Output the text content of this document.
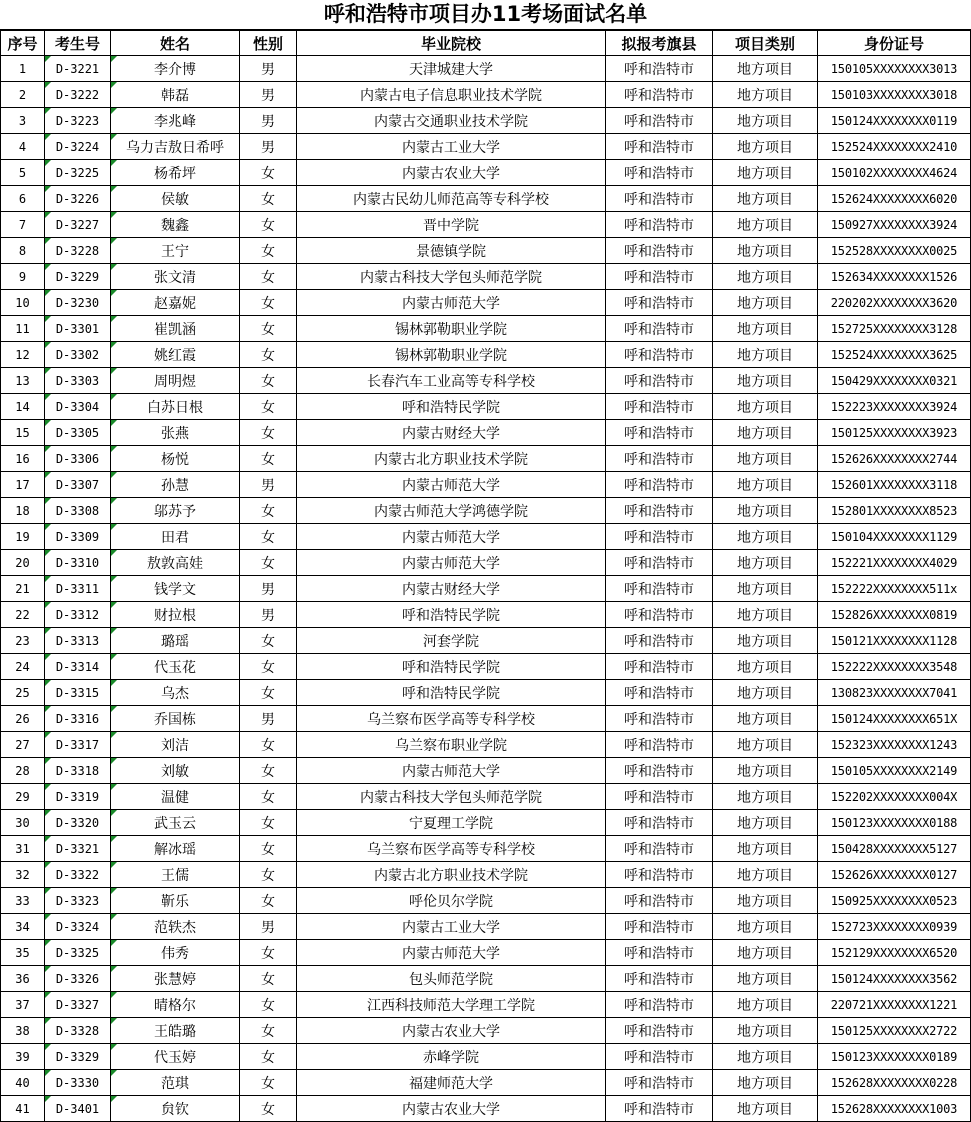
呼和浩特市项目办11考场面试名单
序号	考生号	姓名	性别	毕业院校	拟报考旗县	项目类别	身份证号
1	D-3221	李介博	男	天津城建大学	呼和浩特市	地方项目	150105XXXXXXXX3013
2	D-3222	韩磊	男	内蒙古电子信息职业技术学院	呼和浩特市	地方项目	150103XXXXXXXX3018
3	D-3223	李兆峰	男	内蒙古交通职业技术学院	呼和浩特市	地方项目	150124XXXXXXXX0119
4	D-3224	乌力吉敖日希呼	男	内蒙古工业大学	呼和浩特市	地方项目	152524XXXXXXXX2410
5	D-3225	杨希坪	女	内蒙古农业大学	呼和浩特市	地方项目	150102XXXXXXXX4624
6	D-3226	侯敏	女	内蒙古民幼儿师范高等专科学校	呼和浩特市	地方项目	152624XXXXXXXX6020
7	D-3227	魏鑫	女	晋中学院	呼和浩特市	地方项目	150927XXXXXXXX3924
8	D-3228	王宁	女	景德镇学院	呼和浩特市	地方项目	152528XXXXXXXX0025
9	D-3229	张文清	女	内蒙古科技大学包头师范学院	呼和浩特市	地方项目	152634XXXXXXXX1526
10	D-3230	赵嘉妮	女	内蒙古师范大学	呼和浩特市	地方项目	220202XXXXXXXX3620
11	D-3301	崔凯涵	女	锡林郭勒职业学院	呼和浩特市	地方项目	152725XXXXXXXX3128
12	D-3302	姚红霞	女	锡林郭勒职业学院	呼和浩特市	地方项目	152524XXXXXXXX3625
13	D-3303	周明煜	女	长春汽车工业高等专科学校	呼和浩特市	地方项目	150429XXXXXXXX0321
14	D-3304	白苏日根	女	呼和浩特民学院	呼和浩特市	地方项目	152223XXXXXXXX3924
15	D-3305	张燕	女	内蒙古财经大学	呼和浩特市	地方项目	150125XXXXXXXX3923
16	D-3306	杨悦	女	内蒙古北方职业技术学院	呼和浩特市	地方项目	152626XXXXXXXX2744
17	D-3307	孙慧	男	内蒙古师范大学	呼和浩特市	地方项目	152601XXXXXXXX3118
18	D-3308	邬苏予	女	内蒙古师范大学鸿德学院	呼和浩特市	地方项目	152801XXXXXXXX8523
19	D-3309	田君	女	内蒙古师范大学	呼和浩特市	地方项目	150104XXXXXXXX1129
20	D-3310	敖敦高娃	女	内蒙古师范大学	呼和浩特市	地方项目	152221XXXXXXXX4029
21	D-3311	钱学文	男	内蒙古财经大学	呼和浩特市	地方项目	152222XXXXXXXX511x
22	D-3312	财拉根	男	呼和浩特民学院	呼和浩特市	地方项目	152826XXXXXXXX0819
23	D-3313	璐瑶	女	河套学院	呼和浩特市	地方项目	150121XXXXXXXX1128
24	D-3314	代玉花	女	呼和浩特民学院	呼和浩特市	地方项目	152222XXXXXXXX3548
25	D-3315	乌杰	女	呼和浩特民学院	呼和浩特市	地方项目	130823XXXXXXXX7041
26	D-3316	乔国栋	男	乌兰察布医学高等专科学校	呼和浩特市	地方项目	150124XXXXXXXX651X
27	D-3317	刘洁	女	乌兰察布职业学院	呼和浩特市	地方项目	152323XXXXXXXX1243
28	D-3318	刘敏	女	内蒙古师范大学	呼和浩特市	地方项目	150105XXXXXXXX2149
29	D-3319	温健	女	内蒙古科技大学包头师范学院	呼和浩特市	地方项目	152202XXXXXXXX004X
30	D-3320	武玉云	女	宁夏理工学院	呼和浩特市	地方项目	150123XXXXXXXX0188
31	D-3321	解冰瑶	女	乌兰察布医学高等专科学校	呼和浩特市	地方项目	150428XXXXXXXX5127
32	D-3322	王儒	女	内蒙古北方职业技术学院	呼和浩特市	地方项目	152626XXXXXXXX0127
33	D-3323	靳乐	女	呼伦贝尔学院	呼和浩特市	地方项目	150925XXXXXXXX0523
34	D-3324	范轶杰	男	内蒙古工业大学	呼和浩特市	地方项目	152723XXXXXXXX0939
35	D-3325	伟秀	女	内蒙古师范大学	呼和浩特市	地方项目	152129XXXXXXXX6520
36	D-3326	张慧婷	女	包头师范学院	呼和浩特市	地方项目	150124XXXXXXXX3562
37	D-3327	晴格尔	女	江西科技师范大学理工学院	呼和浩特市	地方项目	220721XXXXXXXX1221
38	D-3328	王皓璐	女	内蒙古农业大学	呼和浩特市	地方项目	150125XXXXXXXX2722
39	D-3329	代玉婷	女	赤峰学院	呼和浩特市	地方项目	150123XXXXXXXX0189
40	D-3330	范琪	女	福建师范大学	呼和浩特市	地方项目	152628XXXXXXXX0228
41	D-3401	贠钦	女	内蒙古农业大学	呼和浩特市	地方项目	152628XXXXXXXX1003
